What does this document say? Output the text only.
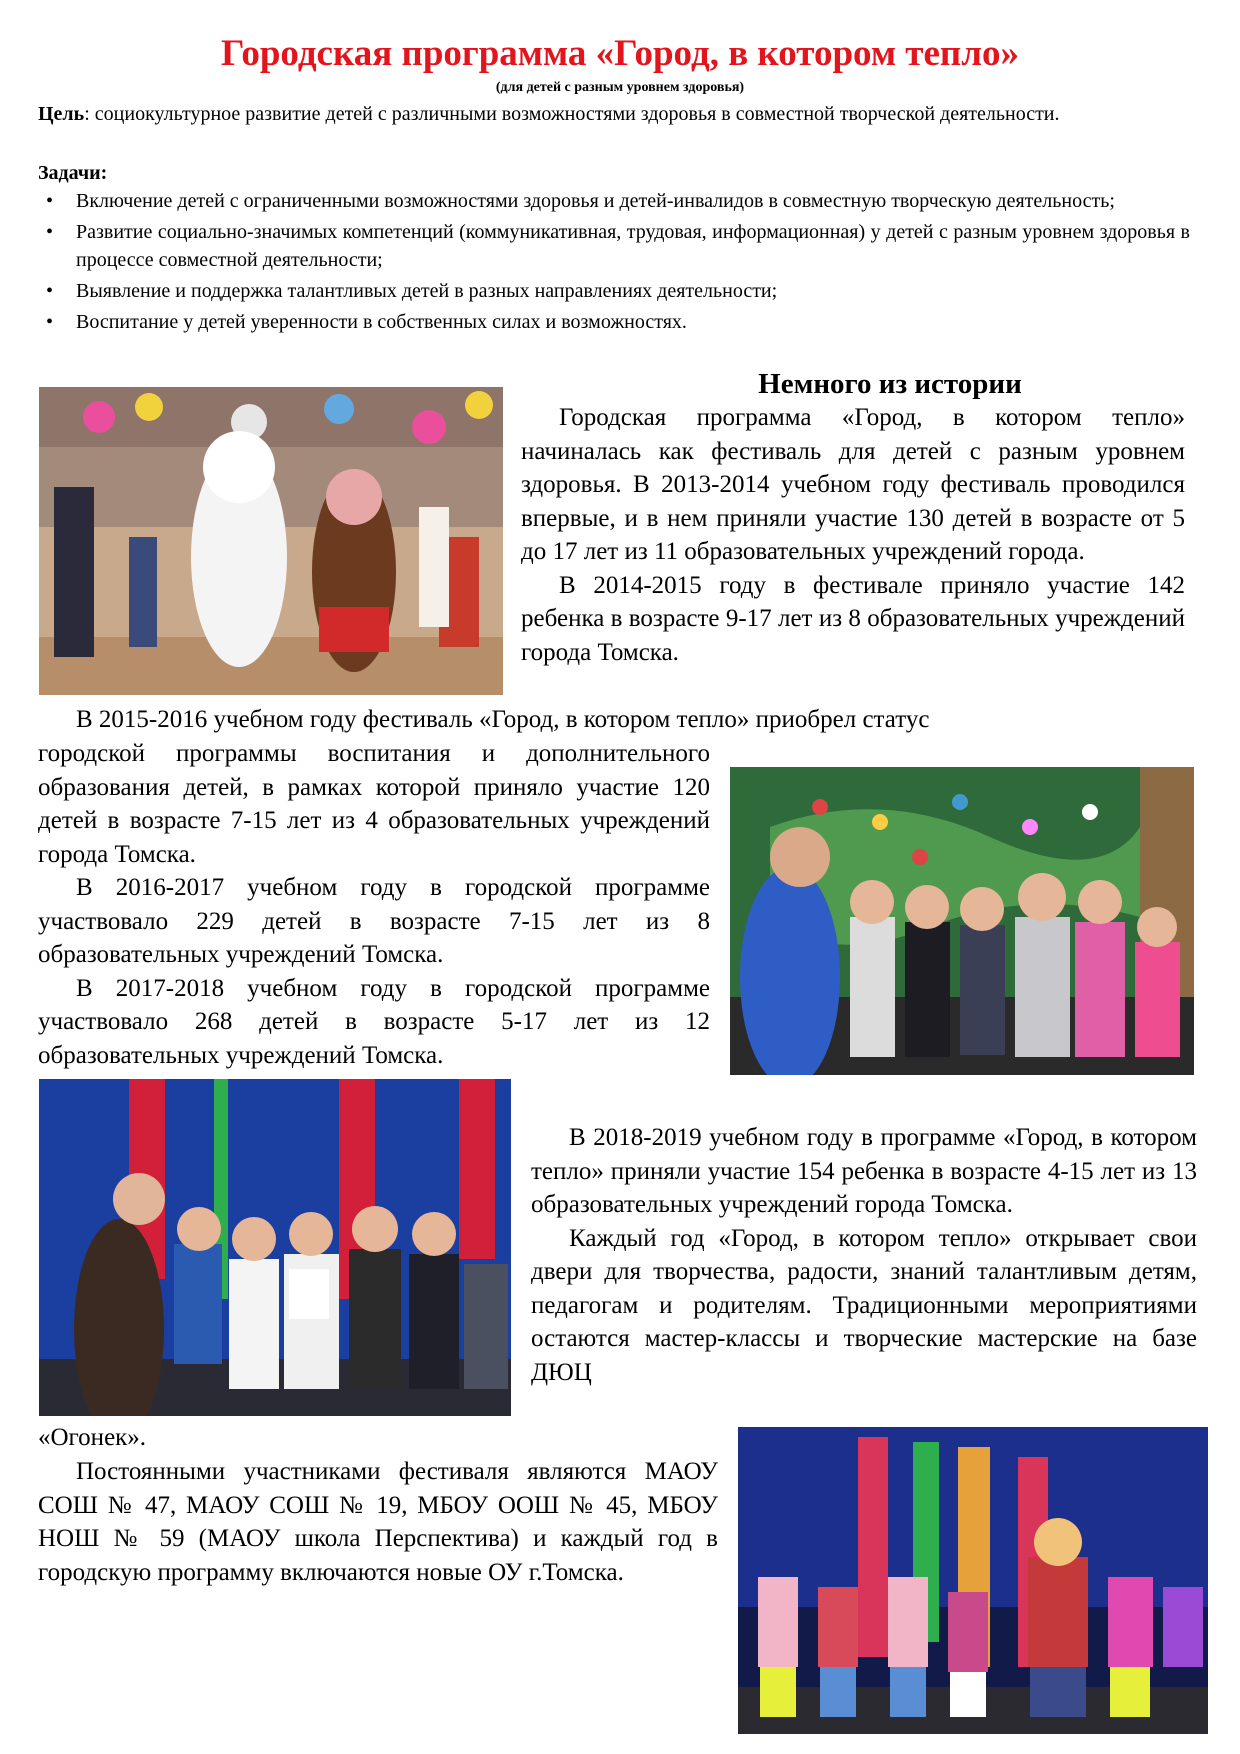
Городская программа «Город, в котором тепло»
(для детей с разным уровнем здоровья)
Цель: социокультурное развитие детей с различными возможностями здоровья в совместной творческой деятельности.
Задачи:
• Включение детей с ограниченными возможностями здоровья и детей-инвалидов в совместную творческую деятельность;
• Развитие социально-значимых компетенций (коммуникативная, трудовая, информационная) у детей с разным уровнем здоровья в процессе совместной деятельности;
• Выявление и поддержка талантливых детей в разных направлениях деятельности;
• Воспитание у детей уверенности в собственных силах и возможностях.
Немного из истории

Городская программа «Город, в котором тепло» начиналась как фестиваль для детей с разным уровнем здоровья. В 2013-2014 учебном году фестиваль проводился впервые, и в нем приняли участие 130 детей в возрасте от 5 до 17 лет из 11 образовательных учреждений города.

В 2014-2015 году в фестивале приняло участие 142 ребенка в возрасте 9-17 лет из 8 образовательных учреждений города Томска.

В 2015-2016 учебном году фестиваль «Город, в котором тепло» приобрел статус

городской программы воспитания и дополнительного образования детей, в рамках которой приняло участие 120 детей в возрасте 7-15 лет из 4 образовательных учреждений города Томска.

В 2016-2017 учебном году в городской программе участвовало 229 детей в возрасте 7-15 лет из 8 образовательных учреждений Томска.

В 2017-2018 учебном году в городской программе участвовало 268 детей в возрасте 5-17 лет из 12 образовательных учреждений Томска.

В 2018-2019 учебном году в программе «Город, в котором тепло» приняли участие 154 ребенка в возрасте 4-15 лет из 13 образовательных учреждений города Томска.

Каждый год «Город, в котором тепло» открывает свои двери для творчества, радости, знаний талантливым детям, педагогам и родителям. Традиционными мероприятиями остаются мастер-классы и творческие мастерские на базе ДЮЦ

«Огонек».

Постоянными участниками фестиваля являются МАОУ СОШ № 47, МАОУ СОШ № 19, МБОУ ООШ № 45, МБОУ НОШ № 59 (МАОУ школа Перспектива) и каждый год в городскую программу включаются новые ОУ г.Томска.
